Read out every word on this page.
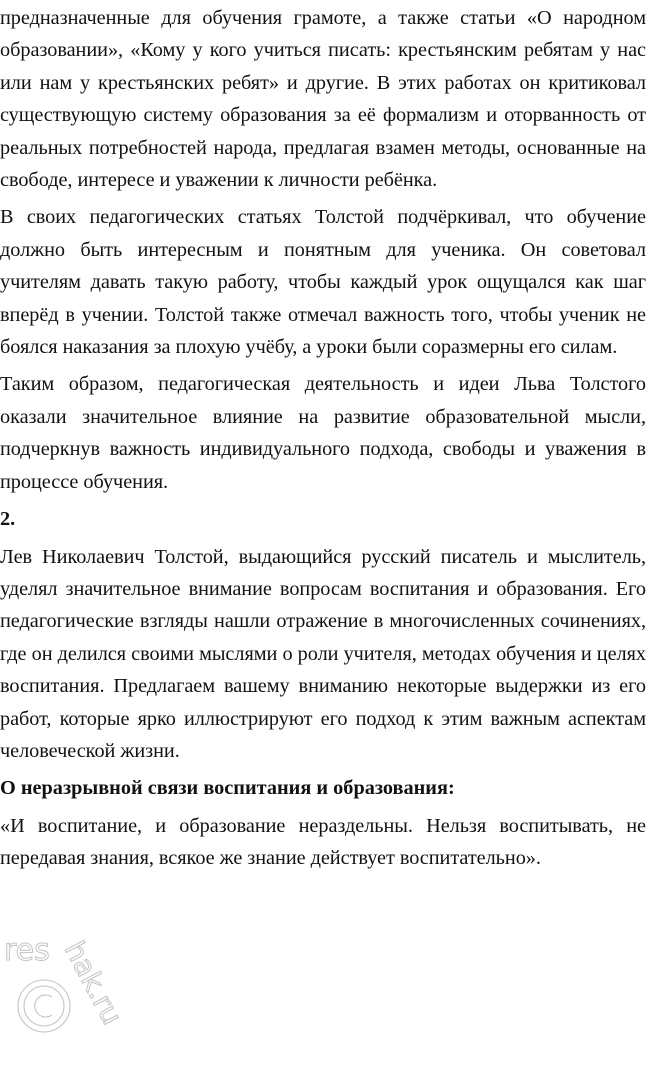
предназначенные для обучения грамоте, а также статьи «О народном образовании», «Кому у кого учиться писать: крестьянским ребятам у нас или нам у крестьянских ребят» и другие. В этих работах он критиковал существующую систему образования за её формализм и оторванность от реальных потребностей народа, предлагая взамен методы, основанные на свободе, интересе и уважении к личности ребёнка.

В своих педагогических статьях Толстой подчёркивал, что обучение должно быть интересным и понятным для ученика. Он советовал учителям давать такую работу, чтобы каждый урок ощущался как шаг вперёд в учении. Толстой также отмечал важность того, чтобы ученик не боялся наказания за плохую учёбу, а уроки были соразмерны его силам.

Таким образом, педагогическая деятельность и идеи Льва Толстого оказали значительное влияние на развитие образовательной мысли, подчеркнув важность индивидуального подхода, свободы и уважения в процессе обучения.

2.

Лев Николаевич Толстой, выдающийся русский писатель и мыслитель, уделял значительное внимание вопросам воспитания и образования. Его педагогические взгляды нашли отражение в многочисленных сочинениях, где он делился своими мыслями о роли учителя, методах обучения и целях воспитания. Предлагаем вашему вниманию некоторые выдержки из его работ, которые ярко иллюстрируют его подход к этим важным аспектам человеческой жизни.

О неразрывной связи воспитания и образования:

«И воспитание, и образование нераздельны. Нельзя воспитывать, не передавая знания, всякое же знание действует воспитательно».

res hak.ru
